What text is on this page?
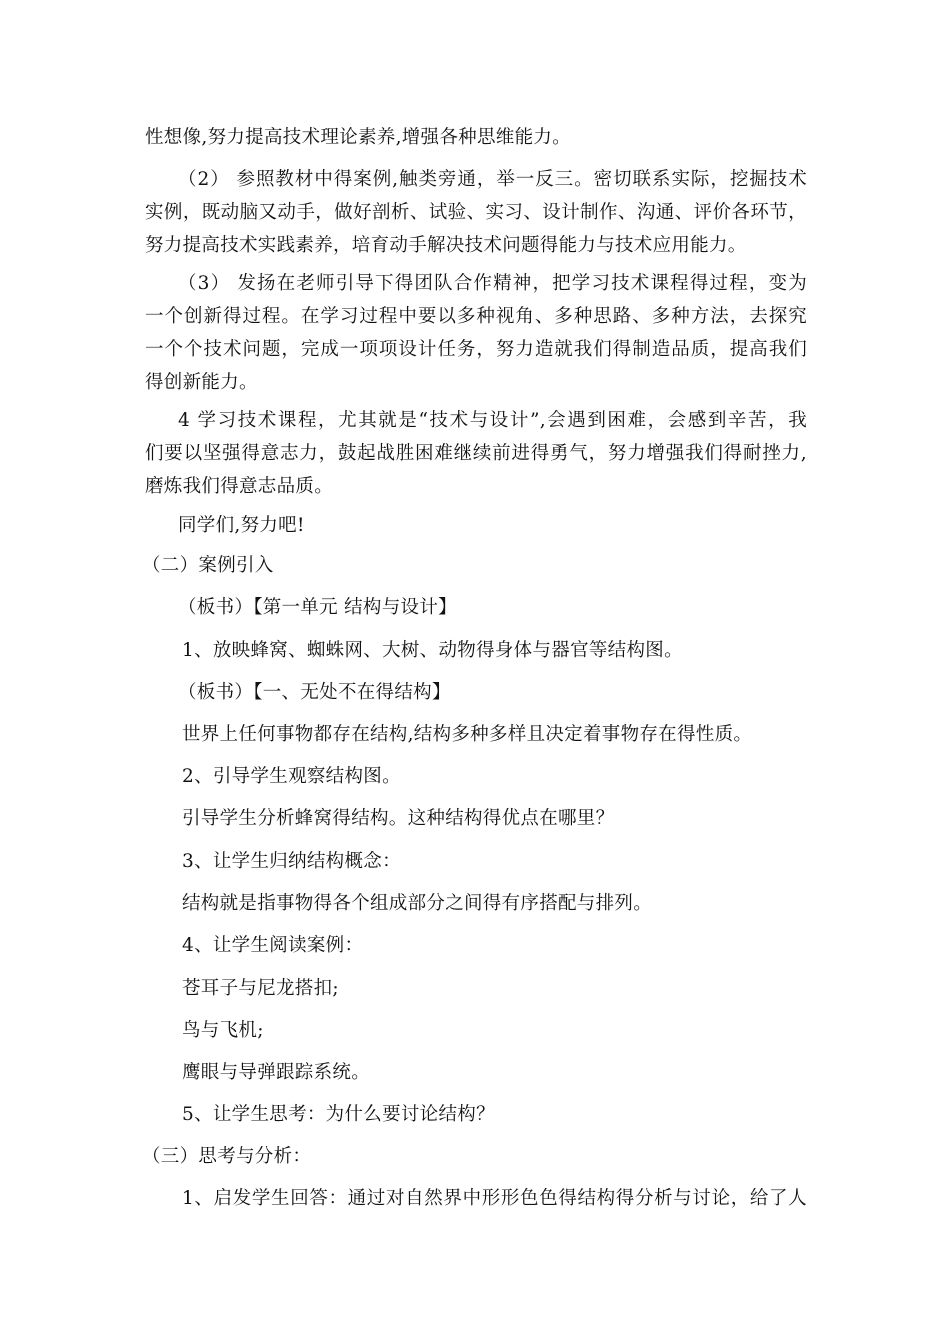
性想像,努力提高技术理论素养,增强各种思维能力。
（2） 参照教材中得案例,触类旁通，举一反三。密切联系实际，挖掘技术
实例，既动脑又动手，做好剖析、试验、实习、设计制作、沟通、评价各环节，
努力提高技术实践素养，培育动手解决技术问题得能力与技术应用能力。
（3） 发扬在老师引导下得团队合作精神，把学习技术课程得过程，变为
一个创新得过程。在学习过程中要以多种视角、多种思路、多种方法，去探究
一个个技术问题，完成一项项设计任务，努力造就我们得制造品质，提高我们
得创新能力。
4 学习技术课程，尤其就是“技术与设计”,会遇到困难，会感到辛苦，我
们要以坚强得意志力，鼓起战胜困难继续前进得勇气，努力增强我们得耐挫力,
磨炼我们得意志品质。
同学们,努力吧!
（二）案例引入
（板书）【第一单元 结构与设计】
1、放映蜂窝、蜘蛛网、大树、动物得身体与器官等结构图。
（板书）【一、无处不在得结构】
世界上任何事物都存在结构,结构多种多样且决定着事物存在得性质。
2、引导学生观察结构图。
引导学生分析蜂窝得结构。这种结构得优点在哪里？
3、让学生归纳结构概念：
结构就是指事物得各个组成部分之间得有序搭配与排列。
4、让学生阅读案例：
苍耳子与尼龙搭扣;
鸟与飞机;
鹰眼与导弹跟踪系统。
5、让学生思考：为什么要讨论结构？
（三）思考与分析：
1、启发学生回答：通过对自然界中形形色色得结构得分析与讨论，给了人
